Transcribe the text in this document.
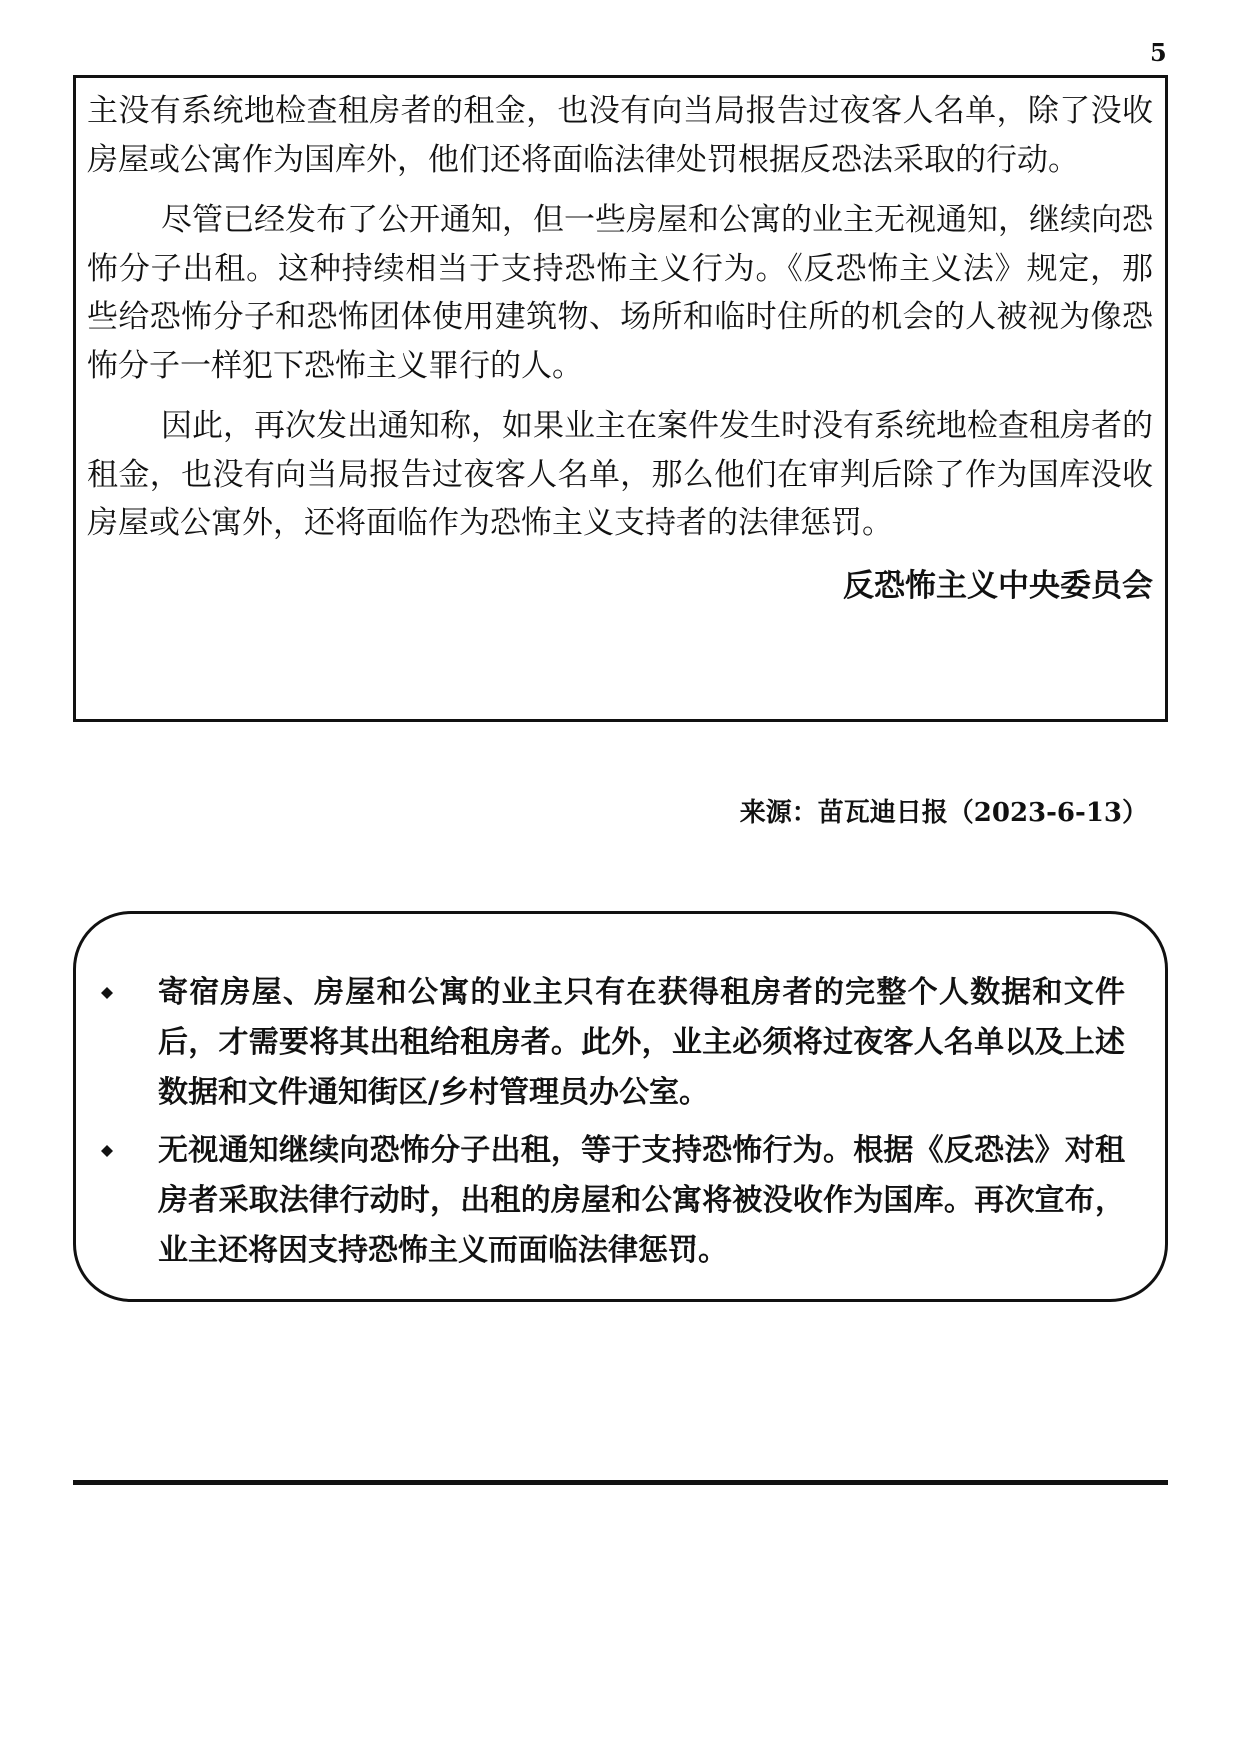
5

主没有系统地检查租房者的租金，也没有向当局报告过夜客人名单，除了没收房屋或公寓作为国库外，他们还将面临法律处罚根据反恐法采取的行动。

尽管已经发布了公开通知，但一些房屋和公寓的业主无视通知，继续向恐怖分子出租。这种持续相当于支持恐怖主义行为。《反恐怖主义法》规定，那些给恐怖分子和恐怖团体使用建筑物、场所和临时住所的机会的人被视为像恐怖分子一样犯下恐怖主义罪行的人。

因此，再次发出通知称，如果业主在案件发生时没有系统地检查租房者的租金，也没有向当局报告过夜客人名单，那么他们在审判后除了作为国库没收房屋或公寓外，还将面临作为恐怖主义支持者的法律惩罚。

反恐怖主义中央委员会
来源：苗瓦迪日报（2023-6-13）
寄宿房屋、房屋和公寓的业主只有在获得租房者的完整个人数据和文件后，才需要将其出租给租房者。此外，业主必须将过夜客人名单以及上述数据和文件通知街区/乡村管理员办公室。
无视通知继续向恐怖分子出租，等于支持恐怖行为。根据《反恐法》对租房者采取法律行动时，出租的房屋和公寓将被没收作为国库。再次宣布，业主还将因支持恐怖主义而面临法律惩罚。
